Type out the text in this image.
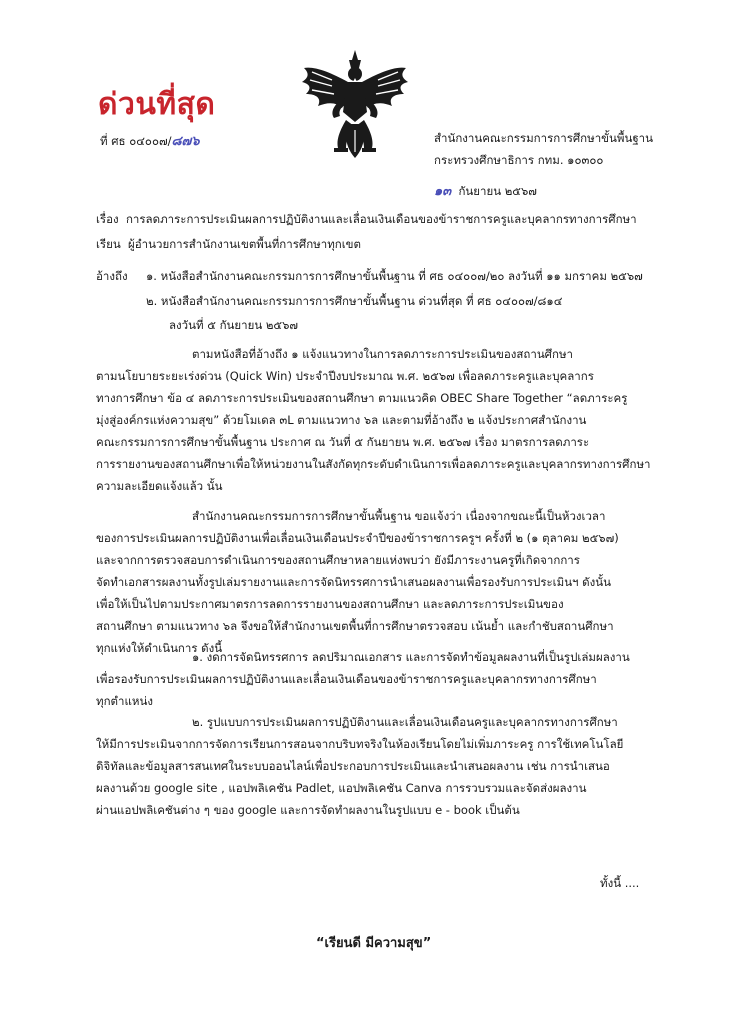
ด่วนที่สุด
ที่ ศธ ๐๔๐๐๗/๘๗๖	สำนักงานคณะกรรมการการศึกษาขั้นพื้นฐาน
กระทรวงศึกษาธิการ กทม. ๑๐๓๐๐
๑๓ กันยายน ๒๕๖๗
เรื่อง การลดภาระการประเมินผลการปฏิบัติงานและเลื่อนเงินเดือนของข้าราชการครูและบุคลากรทางการศึกษา
เรียน ผู้อำนวยการสำนักงานเขตพื้นที่การศึกษาทุกเขต
อ้างถึง ๑. หนังสือสำนักงานคณะกรรมการการศึกษาขั้นพื้นฐาน ที่ ศธ ๐๔๐๐๗/๒๐ ลงวันที่ ๑๑ มกราคม ๒๕๖๗
๒. หนังสือสำนักงานคณะกรรมการการศึกษาขั้นพื้นฐาน ด่วนที่สุด ที่ ศธ ๐๔๐๐๗/๘๑๔
ลงวันที่ ๕ กันยายน ๒๕๖๗
ตามหนังสือที่อ้างถึง ๑ แจ้งแนวทางในการลดภาระการประเมินของสถานศึกษา
ตามนโยบายระยะเร่งด่วน (Quick Win) ประจำปีงบประมาณ พ.ศ. ๒๕๖๗ เพื่อลดภาระครูและบุคลากร
ทางการศึกษา ข้อ ๔ ลดภาระการประเมินของสถานศึกษา ตามแนวคิด OBEC Share Together “ลดภาระครู
มุ่งสู่องค์กรแห่งความสุข” ด้วยโมเดล ๓L ตามแนวทาง ๖ล และตามที่อ้างถึง ๒ แจ้งประกาศสำนักงาน
คณะกรรมการการศึกษาขั้นพื้นฐาน ประกาศ ณ วันที่ ๕ กันยายน พ.ศ. ๒๕๖๗ เรื่อง มาตรการลดภาระ
การรายงานของสถานศึกษาเพื่อให้หน่วยงานในสังกัดทุกระดับดำเนินการเพื่อลดภาระครูและบุคลากรทางการศึกษา
ความละเอียดแจ้งแล้ว นั้น
สำนักงานคณะกรรมการการศึกษาขั้นพื้นฐาน ขอแจ้งว่า เนื่องจากขณะนี้เป็นห้วงเวลา
ของการประเมินผลการปฏิบัติงานเพื่อเลื่อนเงินเดือนประจำปีของข้าราชการครูฯ ครั้งที่ ๒ (๑ ตุลาคม ๒๕๖๗)
และจากการตรวจสอบการดำเนินการของสถานศึกษาหลายแห่งพบว่า ยังมีภาระงานครูที่เกิดจากการ
จัดทำเอกสารผลงานทั้งรูปเล่มรายงานและการจัดนิทรรศการนำเสนอผลงานเพื่อรองรับการประเมินฯ ดังนั้น
เพื่อให้เป็นไปตามประกาศมาตรการลดการรายงานของสถานศึกษา และลดภาระการประเมินของ
สถานศึกษา ตามแนวทาง ๖ล จึงขอให้สำนักงานเขตพื้นที่การศึกษาตรวจสอบ เน้นย้ำ และกำชับสถานศึกษา
ทุกแห่งให้ดำเนินการ ดังนี้
๑. งดการจัดนิทรรศการ ลดปริมาณเอกสาร และการจัดทำข้อมูลผลงานที่เป็นรูปเล่มผลงาน
เพื่อรองรับการประเมินผลการปฏิบัติงานและเลื่อนเงินเดือนของข้าราชการครูและบุคลากรทางการศึกษา
ทุกตำแหน่ง
๒. รูปแบบการประเมินผลการปฏิบัติงานและเลื่อนเงินเดือนครูและบุคลากรทางการศึกษา
ให้มีการประเมินจากการจัดการเรียนการสอนจากบริบทจริงในห้องเรียนโดยไม่เพิ่มภาระครู การใช้เทคโนโลยี
ดิจิทัลและข้อมูลสารสนเทศในระบบออนไลน์เพื่อประกอบการประเมินและนำเสนอผลงาน เช่น การนำเสนอ
ผลงานด้วย google site , แอปพลิเคชัน Padlet, แอปพลิเคชัน Canva การรวบรวมและจัดส่งผลงาน
ผ่านแอปพลิเคชันต่าง ๆ ของ google และการจัดทำผลงานในรูปแบบ e - book เป็นต้น
ทั้งนี้ ....
“เรียนดี มีความสุข”
